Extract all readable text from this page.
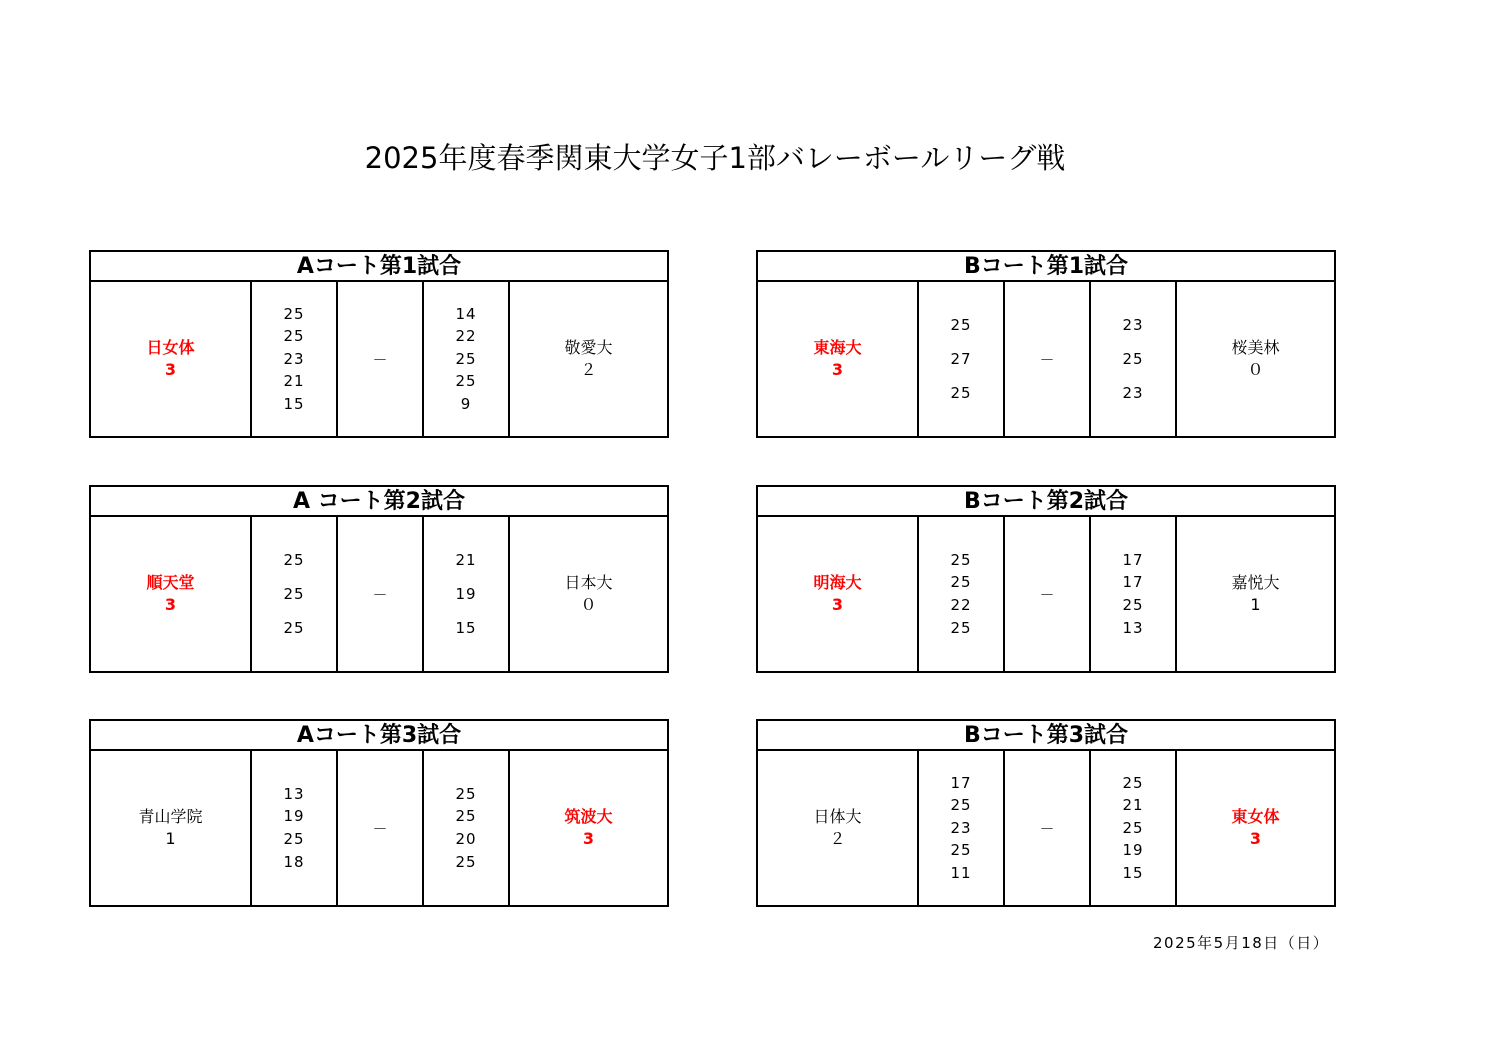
2025年度春季関東大学女子1部バレーボールリーグ戦
Aコート第1試合
日女体
3
25
25
23
21
15
－
14
22
25
25
9
敬愛大
２
Bコート第1試合
東海大
3
25
27
25
－
23
25
23
桜美林
０
A コート第2試合
順天堂
3
25
25
25
－
21
19
15
日本大
０
Bコート第2試合
明海大
3
25
25
22
25
－
17
17
25
13
嘉悦大
1
Aコート第3試合
青山学院
1
13
19
25
18
－
25
25
20
25
筑波大
3
Bコート第3試合
日体大
２
17
25
23
25
11
－
25
21
25
19
15
東女体
3
2025年5月18日（日）
